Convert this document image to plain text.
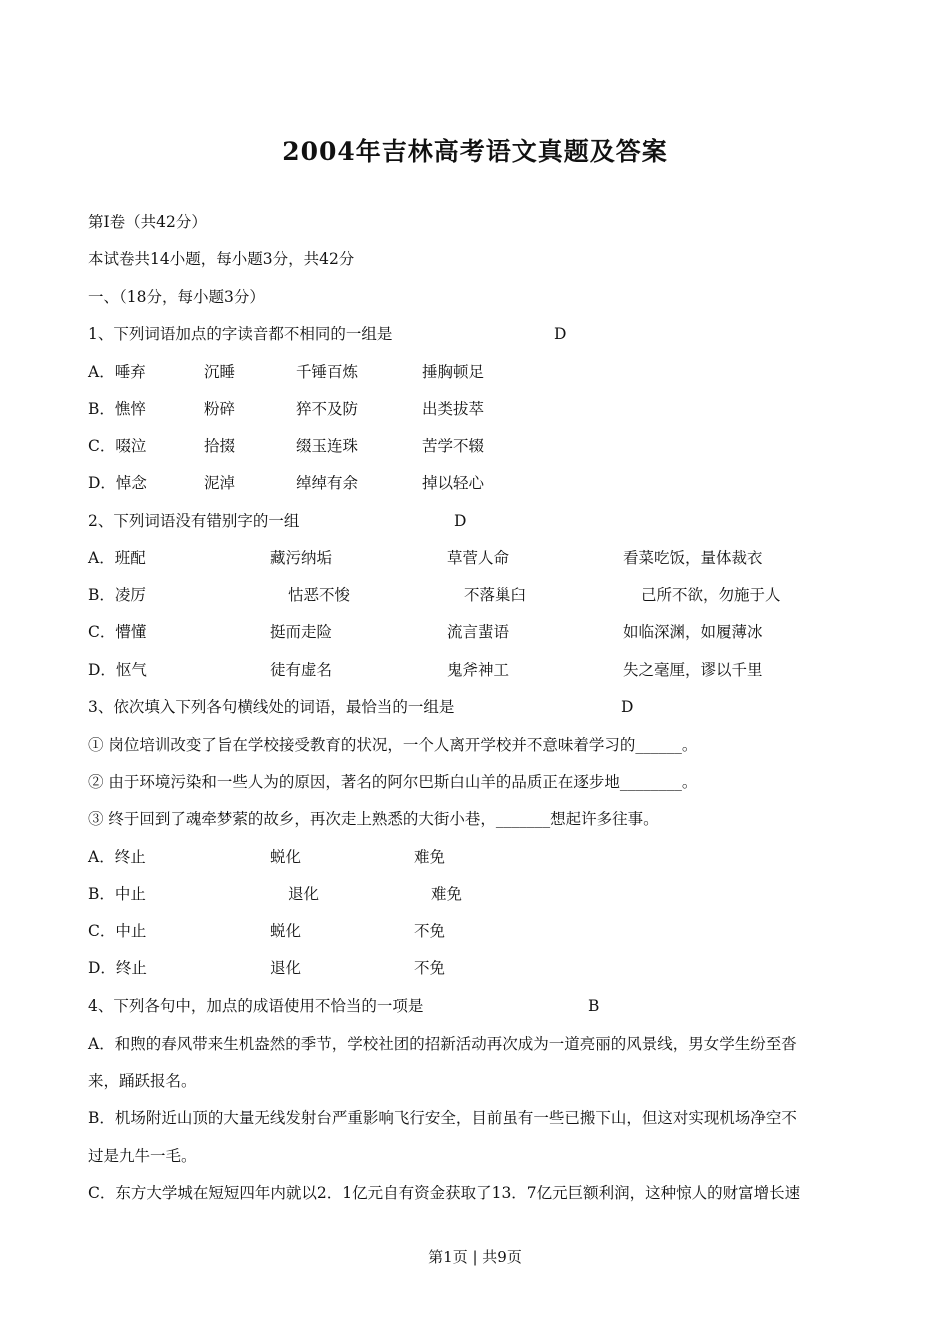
2004年吉林高考语文真题及答案
第Ⅰ卷（共42分）
本试卷共14小题，每小题3分，共42分
一、（18分，每小题3分）
1、下列词语加点的字读音都不相同的一组是	D
A．唾弃	沉睡	千锤百炼	捶胸顿足
B．憔悴	粉碎	猝不及防	出类拔萃
C．啜泣	拾掇	缀玉连珠	苦学不辍
D．悼念	泥淖	绰绰有余	掉以轻心
2、下列词语没有错别字的一组	D
A．班配	藏污纳垢	草菅人命	看菜吃饭，量体裁衣
B．凌厉	怙恶不悛	不落巢臼	己所不欲，勿施于人
C．懵懂	挺而走险	流言蜚语	如临深渊，如履薄冰
D．怄气	徒有虚名	鬼斧神工	失之毫厘，谬以千里
3、依次填入下列各句横线处的词语，最恰当的一组是	D
① 岗位培训改变了旨在学校接受教育的状况，一个人离开学校并不意味着学习的______。
② 由于环境污染和一些人为的原因，著名的阿尔巴斯白山羊的品质正在逐步地________。
③ 终于回到了魂牵梦萦的故乡，再次走上熟悉的大街小巷，_______想起许多往事。
A．终止	蜕化	难免
B．中止	退化	难免
C．中止	蜕化	不免
D．终止	退化	不免
4、下列各句中，加点的成语使用不恰当的一项是	B
A．和煦的春风带来生机盎然的季节，学校社团的招新活动再次成为一道亮丽的风景线，男女学生纷至沓
来，踊跃报名。
B．机场附近山顶的大量无线发射台严重影响飞行安全，目前虽有一些已搬下山，但这对实现机场净空不
过是九牛一毛。
C．东方大学城在短短四年内就以2．1亿元自有资金获取了13．7亿元巨额利润，这种惊人的财富增长速
第1页 | 共9页
